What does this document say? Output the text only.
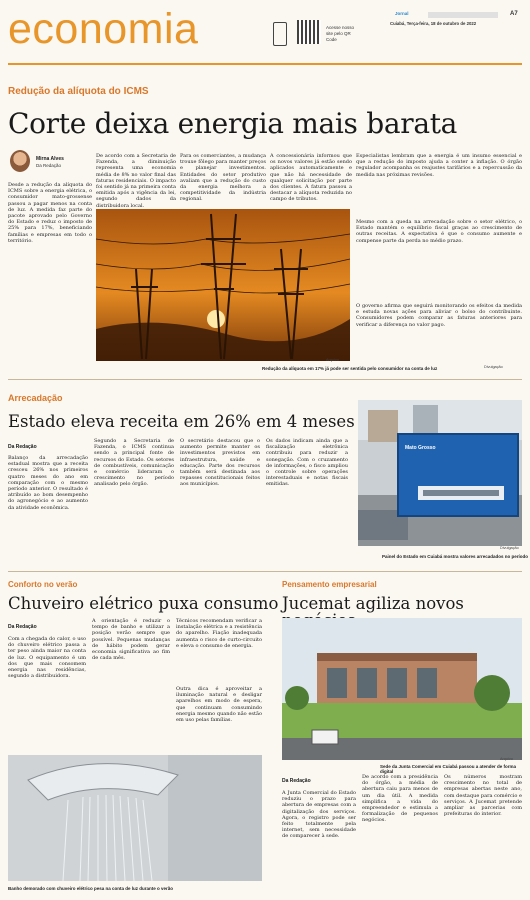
economia	Acesse nosso site pelo QR Code
Jornal	A7
Cuiabá, Terça-feira, 18 de outubro de 2022
Redução da alíquota do ICMS
Corte deixa energia mais barata
Mirna Alves
Da Redação
Desde a redução da alíquota do ICMS sobre a energia elétrica, o consumidor mato-grossense passou a pagar menos na conta de luz. A medida faz parte do pacote aprovado pelo Governo do Estado e reduz o imposto de 25% para 17%, beneficiando famílias e empresas em todo o território.
De acordo com a Secretaria de Fazenda, a diminuição representa uma economia média de 8% no valor final das faturas residenciais. O impacto foi sentido já na primeira conta emitida após a vigência da lei, segundo dados da distribuidora local.
Para os comerciantes, a mudança trouxe fôlego para manter preços e planejar investimentos. Entidades do setor produtivo avaliam que a redução do custo da energia melhora a competitividade da indústria regional.
A concessionária informou que os novos valores já estão sendo aplicados automaticamente e que não há necessidade de qualquer solicitação por parte dos clientes. A fatura passou a destacar a alíquota reduzida no campo de tributos.
Especialistas lembram que a energia é um insumo essencial e que a redução do imposto ajuda a conter a inflação. O órgão regulador acompanha os reajustes tarifários e a repercussão da medida nas próximas revisões.
Mesmo com a queda na arrecadação sobre o setor elétrico, o Estado mantém o equilíbrio fiscal graças ao crescimento de outras receitas. A expectativa é que o consumo aumente e compense parte da perda no médio prazo.
O governo afirma que seguirá monitorando os efeitos da medida e estuda novas ações para aliviar o bolso do contribuinte. Consumidores podem comparar as faturas anteriores para verificar a diferença no valor pago.
Redução da alíquota em 17% já pode ser sentida pelo consumidor na conta de luz
Arquivo
Divulgação
Arrecadação
Estado eleva receita em 26% em 4 meses
Da Redação
Balanço da arrecadação estadual mostra que a receita cresceu 26% nos primeiros quatro meses do ano em comparação com o mesmo período anterior. O resultado é atribuído ao bom desempenho do agronegócio e ao aumento da atividade econômica.
Segundo a Secretaria de Fazenda, o ICMS continua sendo a principal fonte de recursos do Estado. Os setores de combustíveis, comunicação e comércio lideraram o crescimento no período analisado pelo órgão.
O secretário destacou que o aumento permite manter os investimentos previstos em infraestrutura, saúde e educação. Parte dos recursos também será destinada aos repasses constitucionais feitos aos municípios.
Os dados indicam ainda que a fiscalização eletrônica contribuiu para reduzir a sonegação. Com o cruzamento de informações, o fisco ampliou o controle sobre operações interestaduais e notas fiscais emitidas.
Mato Grosso
Painel do Estado em Cuiabá mostra valores arrecadados no período
Divulgação
Conforto no verão
Chuveiro elétrico puxa consumo
Da Redação
Com a chegada do calor, o uso do chuveiro elétrico passa a ter peso ainda maior na conta de luz. O equipamento é um dos que mais consomem energia nas residências, segundo a distribuidora.
A orientação é reduzir o tempo de banho e utilizar a posição verão sempre que possível. Pequenas mudanças de hábito podem gerar economia significativa ao fim de cada mês.
Técnicos recomendam verificar a instalação elétrica e a resistência do aparelho. Fiação inadequada aumenta o risco de curto-circuito e eleva o consumo de energia.
Outra dica é aproveitar a iluminação natural e desligar aparelhos em modo de espera, que continuam consumindo energia mesmo quando não estão em uso pelas famílias.
Banho demorado com chuveiro elétrico pesa na conta de luz durante o verão
Pensamento empresarial
Jucemat agiliza novos
Sede da Junta Comercial em Cuiabá passou a atender de forma digital
Arquivo
Da Redação
A Junta Comercial do Estado reduziu o prazo para abertura de empresas com a digitalização dos serviços. Agora, o registro pode ser feito totalmente pela internet, sem necessidade de comparecer à sede.
De acordo com a presidência do órgão, a média de abertura caiu para menos de um dia útil. A medida simplifica a vida do empreendedor e estimula a formalização de pequenos negócios.
Os números mostram crescimento no total de empresas abertas neste ano, com destaque para comércio e serviços. A Jucemat pretende ampliar as parcerias com prefeituras do interior.
